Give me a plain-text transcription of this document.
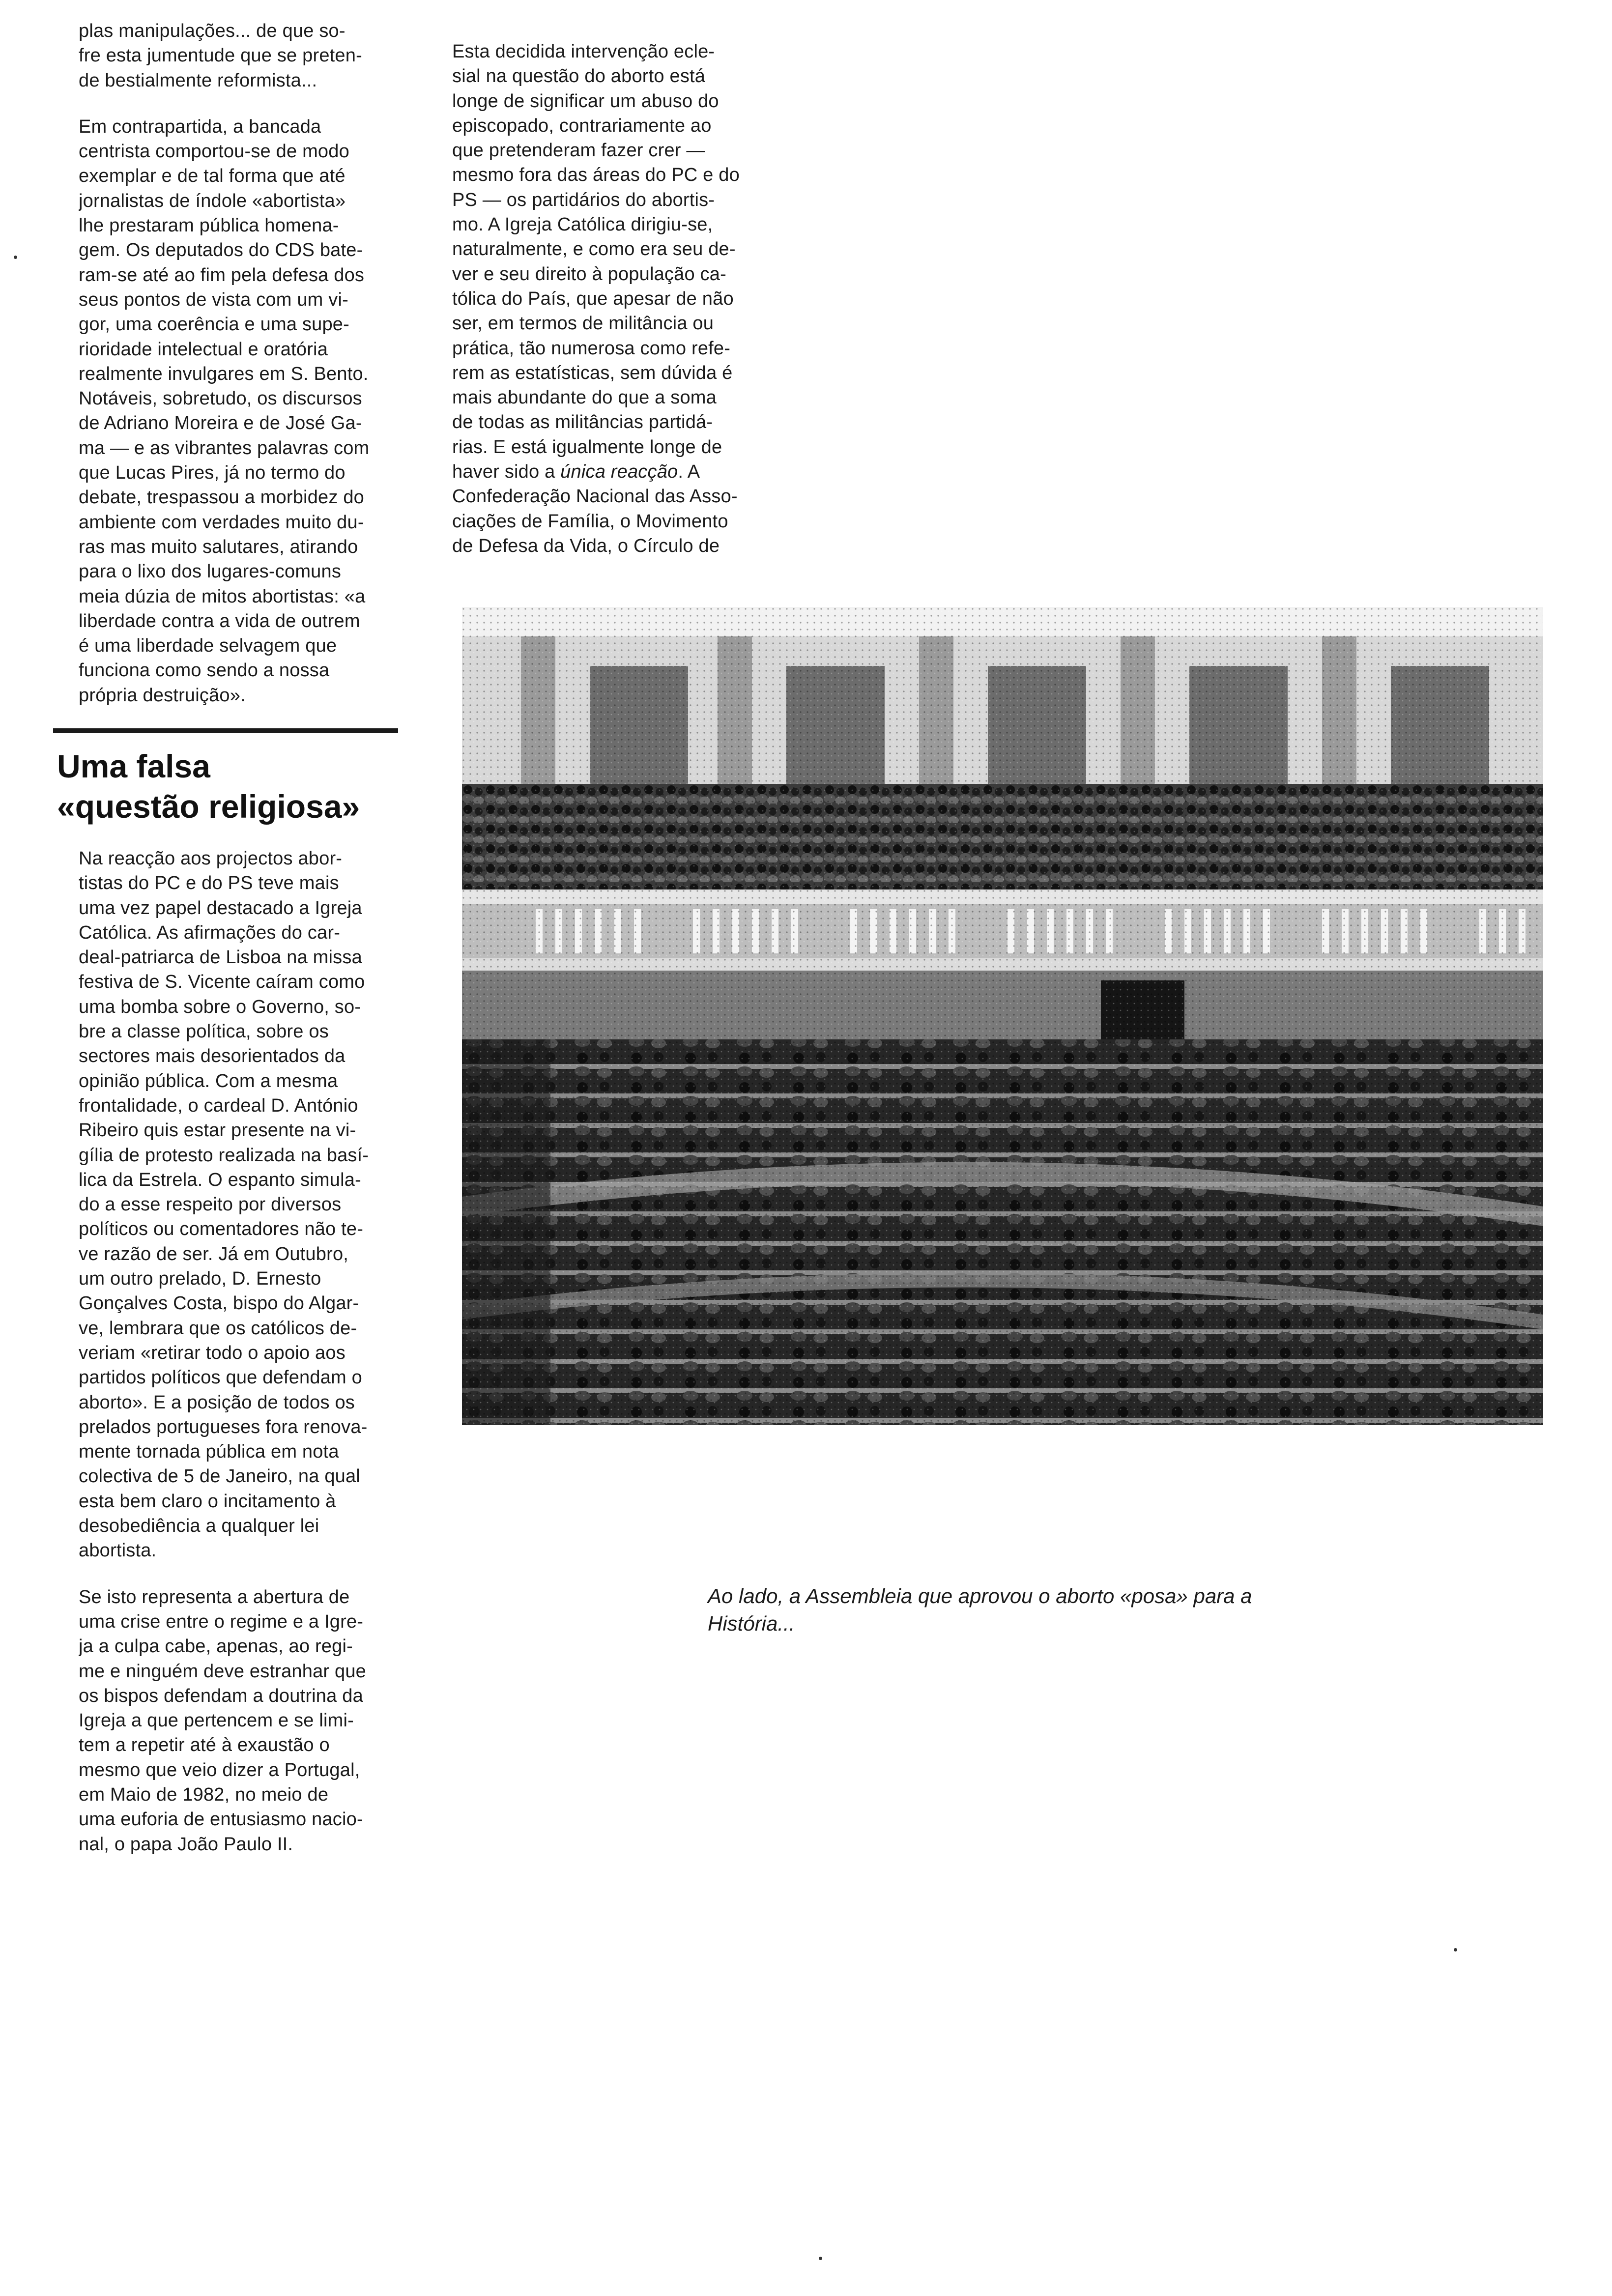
plas manipulações... de que so-
fre esta jumentude que se preten-
de bestialmente reformista...
Em contrapartida, a bancada
centrista comportou-se de modo
exemplar e de tal forma que até
jornalistas de índole «abortista»
lhe prestaram pública homena-
gem. Os deputados do CDS bate-
ram-se até ao fim pela defesa dos
seus pontos de vista com um vi-
gor, uma coerência e uma supe-
rioridade intelectual e oratória
realmente invulgares em S. Bento.
Notáveis, sobretudo, os discursos
de Adriano Moreira e de José Ga-
ma — e as vibrantes palavras com
que Lucas Pires, já no termo do
debate, trespassou a morbidez do
ambiente com verdades muito du-
ras mas muito salutares, atirando
para o lixo dos lugares-comuns
meia dúzia de mitos abortistas: «a
liberdade contra a vida de outrem
é uma liberdade selvagem que
funciona como sendo a nossa
própria destruição».
Uma falsa
«questão religiosa»
Na reacção aos projectos abor-
tistas do PC e do PS teve mais
uma vez papel destacado a Igreja
Católica. As afirmações do car-
deal-patriarca de Lisboa na missa
festiva de S. Vicente caíram como
uma bomba sobre o Governo, so-
bre a classe política, sobre os
sectores mais desorientados da
opinião pública. Com a mesma
frontalidade, o cardeal D. António
Ribeiro quis estar presente na vi-
gília de protesto realizada na basí-
lica da Estrela. O espanto simula-
do a esse respeito por diversos
políticos ou comentadores não te-
ve razão de ser. Já em Outubro,
um outro prelado, D. Ernesto
Gonçalves Costa, bispo do Algar-
ve, lembrara que os católicos de-
veriam «retirar todo o apoio aos
partidos políticos que defendam o
aborto». E a posição de todos os
prelados portugueses fora renova-
mente tornada pública em nota
colectiva de 5 de Janeiro, na qual
esta bem claro o incitamento à
desobediência a qualquer lei
abortista.
Se isto representa a abertura de
uma crise entre o regime e a Igre-
ja a culpa cabe, apenas, ao regi-
me e ninguém deve estranhar que
os bispos defendam a doutrina da
Igreja a que pertencem e se limi-
tem a repetir até à exaustão o
mesmo que veio dizer a Portugal,
em Maio de 1982, no meio de
uma euforia de entusiasmo nacio-
nal, o papa João Paulo II.
Esta decidida intervenção ecle-
sial na questão do aborto está
longe de significar um abuso do
episcopado, contrariamente ao
que pretenderam fazer crer —
mesmo fora das áreas do PC e do
PS — os partidários do abortis-
mo. A Igreja Católica dirigiu-se,
naturalmente, e como era seu de-
ver e seu direito à população ca-
tólica do País, que apesar de não
ser, em termos de militância ou
prática, tão numerosa como refe-
rem as estatísticas, sem dúvida é
mais abundante do que a soma
de todas as militâncias partidá-
rias. E está igualmente longe de
haver sido a única reacção. A
Confederação Nacional das Asso-
ciações de Família, o Movimento
de Defesa da Vida, o Círculo de
Ao lado, a Assembleia que aprovou o aborto «posa» para a
História...
